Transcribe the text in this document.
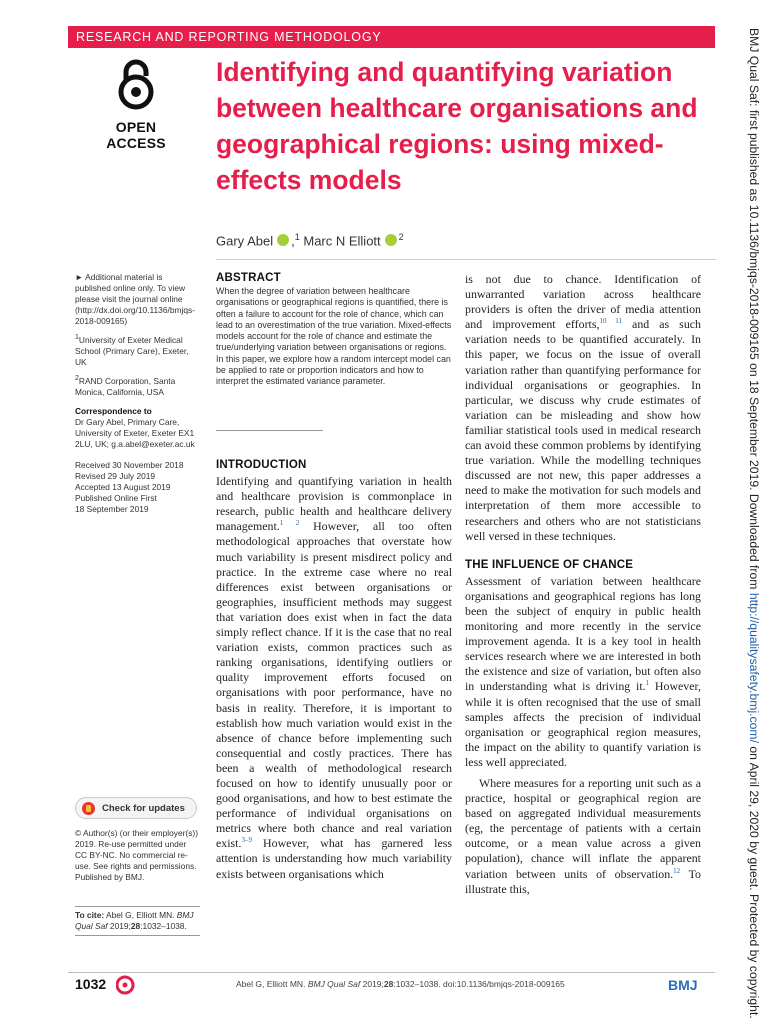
RESEARCH AND REPORTING METHODOLOGY
OPEN ACCESS
Identifying and quantifying variation between healthcare organisations and geographical regions: using mixed-effects models
Gary Abel ,$^1$ Marc N Elliott $^2$

► Additional material is published online only. To view please visit the journal online (http://dx.doi.org/10.1136/bmjqs-2018-009165)

$^1$University of Exeter Medical School (Primary Care), Exeter, UK

$^2$RAND Corporation, Santa Monica, California, USA

Correspondence to
Dr Gary Abel, Primary Care, University of Exeter, Exeter EX1 2LU, UK; g.a.abel@exeter.ac.uk

Received 30 November 2018
Revised 29 July 2019
Accepted 13 August 2019
Published Online First
18 September 2019

Check for updates

© Author(s) (or their employer(s)) 2019. Re-use permitted under CC BY-NC. No commercial re-use. See rights and permissions. Published by BMJ.

To cite: Abel G, Elliott MN. BMJ Qual Saf 2019;28:1032–1038.
ABSTRACT
When the degree of variation between healthcare organisations or geographical regions is quantified, there is often a failure to account for the role of chance, which can lead to an overestimation of the true variation. Mixed-effects models account for the role of chance and estimate the true/underlying variation between organisations or regions. In this paper, we explore how a random intercept model can be applied to rate or proportion indicators and how to interpret the estimated variance parameter.
INTRODUCTION

Identifying and quantifying variation in health and healthcare provision is commonplace in research, public health and healthcare delivery management.$^{1 2}$ However, all too often methodological approaches that overstate how much variability is present misdirect policy and practice. In the extreme case where no real differences exist between organisations or geographies, insufficient methods may suggest that variation does exist when in fact the data simply reflect chance. If it is the case that no real variation exists, common practices such as ranking organisations, identifying outliers or quality improvement efforts focused on organisations with poor performance, have no basis in reality. Therefore, it is important to establish how much variation would exist in the absence of chance before implementing such consequential and costly practices. There has been a wealth of methodological research focused on how to identify unusually poor or good organisations, and how to best estimate the performance of individual organisations on metrics where both chance and real variation exist.$^{3-9}$ However, what has garnered less attention is understanding how much variability exists between organisations which

is not due to chance. Identification of unwarranted variation across healthcare providers is often the driver of media attention and improvement efforts,$^{10 11}$ and as such variation needs to be quantified accurately. In this paper, we focus on the issue of overall variation rather than quantifying performance for individual organisations or geographies. In particular, we discuss why crude estimates of variation can be misleading and show how familiar statistical tools used in medical research can avoid these common problems by identifying true variation. While the modelling techniques discussed are not new, this paper addresses a need to make the motivation for such models and interpretation of them more accessible to researchers and others who are not statisticians well versed in these techniques.

THE INFLUENCE OF CHANCE

Assessment of variation between healthcare organisations and geographical regions has long been the subject of enquiry in public health monitoring and more recently in the service improvement agenda. It is a key tool in health services research where we are interested in both the existence and size of variation, but often also in understanding what is driving it.$^1$ However, while it is often recognised that the use of small samples affects the precision of individual organisation or geographical region measures, the impact on the ability to quantify variation is less well appreciated.

Where measures for a reporting unit such as a practice, hospital or geographical region are based on aggregated individual measurements (eg, the percentage of patients with a certain outcome, or a mean value across a given population), chance will inflate the apparent variation between units of observation.$^{12}$ To illustrate this,

1032	Abel G, Elliott MN. BMJ Qual Saf 2019;28:1032–1038. doi:10.1136/bmjqs-2018-009165	BMJ
BMJ Qual Saf: first published as 10.1136/bmjqs-2018-009165 on 18 September 2019. Downloaded from http://qualitysafety.bmj.com/ on April 29, 2020 by guest. Protected by copyright.
